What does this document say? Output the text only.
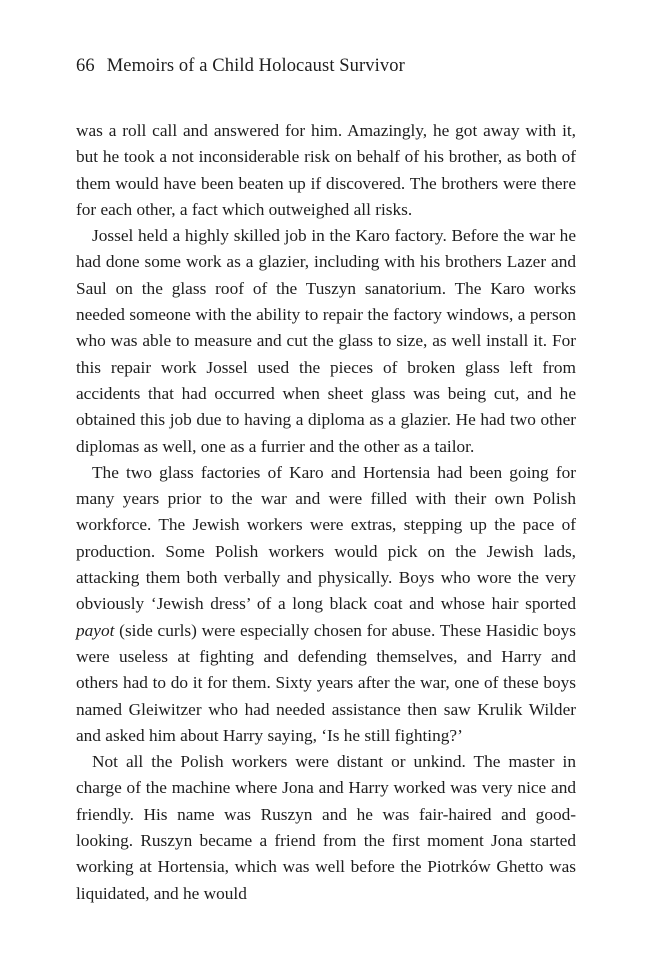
66 Memoirs of a Child Holocaust Survivor

was a roll call and answered for him. Amazingly, he got away with it, but he took a not inconsiderable risk on behalf of his brother, as both of them would have been beaten up if discovered. The brothers were there for each other, a fact which outweighed all risks.

Jossel held a highly skilled job in the Karo factory. Before the war he had done some work as a glazier, including with his brothers Lazer and Saul on the glass roof of the Tuszyn sanatorium. The Karo works needed someone with the ability to repair the factory windows, a person who was able to measure and cut the glass to size, as well install it. For this repair work Jossel used the pieces of broken glass left from accidents that had occurred when sheet glass was being cut, and he obtained this job due to having a diploma as a glazier. He had two other diplomas as well, one as a furrier and the other as a tailor.

The two glass factories of Karo and Hortensia had been going for many years prior to the war and were filled with their own Polish workforce. The Jewish workers were extras, stepping up the pace of production. Some Polish workers would pick on the Jewish lads, attacking them both verbally and physically. Boys who wore the very obviously ‘Jewish dress’ of a long black coat and whose hair sported payot (side curls) were especially chosen for abuse. These Hasidic boys were useless at fighting and defending themselves, and Harry and others had to do it for them. Sixty years after the war, one of these boys named Gleiwitzer who had needed assistance then saw Krulik Wilder and asked him about Harry saying, ‘Is he still fighting?’

Not all the Polish workers were distant or unkind. The master in charge of the machine where Jona and Harry worked was very nice and friendly. His name was Ruszyn and he was fair-haired and good-looking. Ruszyn became a friend from the first moment Jona started working at Hortensia, which was well before the Piotrków Ghetto was liquidated, and he would
